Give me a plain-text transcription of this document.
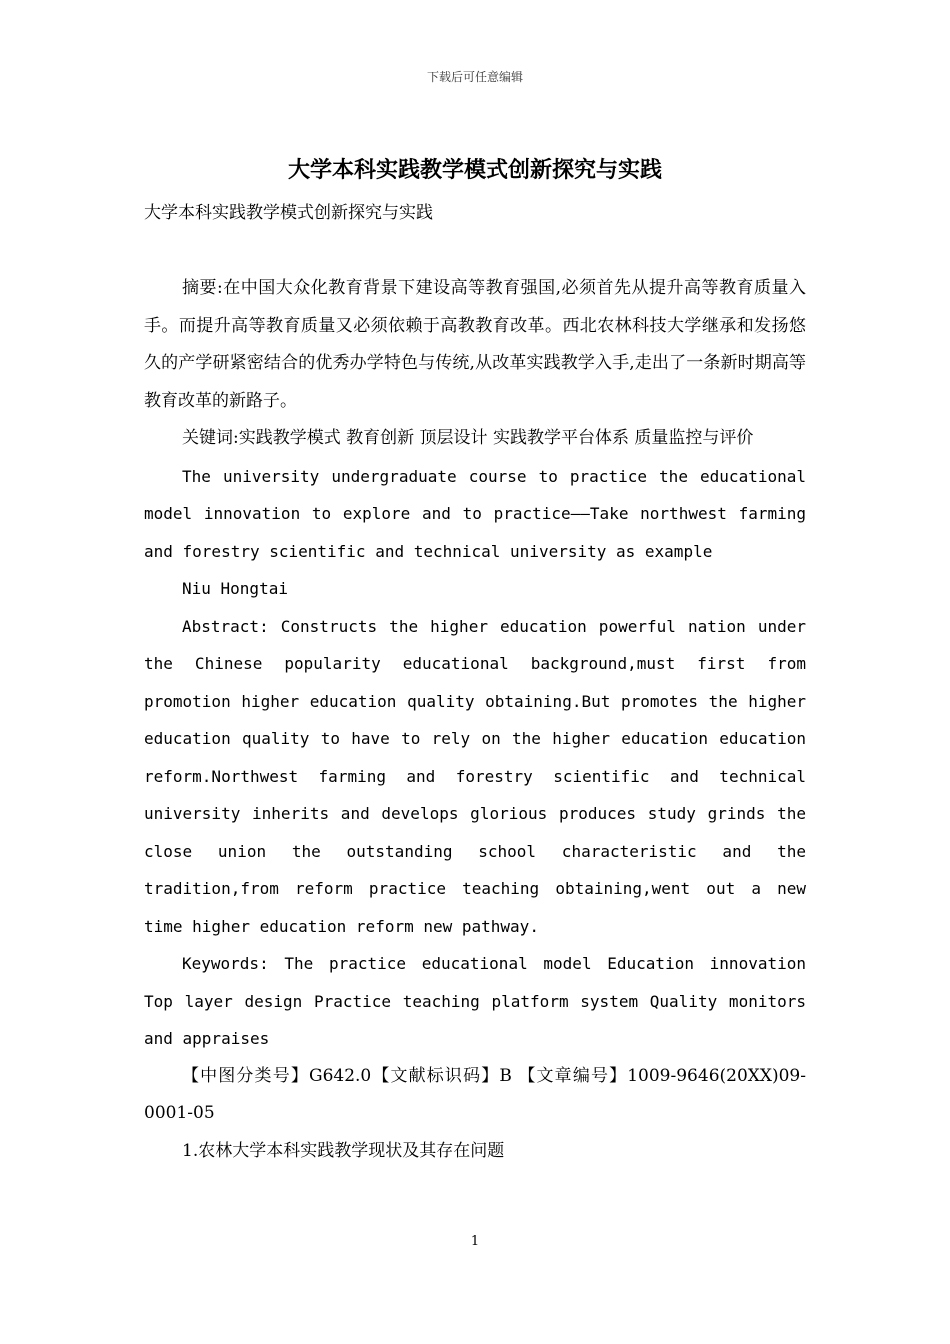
下载后可任意编辑
大学本科实践教学模式创新探究与实践

大学本科实践教学模式创新探究与实践

摘要:在中国大众化教育背景下建设高等教育强国,必须首先从提升高等教育质量入手。而提升高等教育质量又必须依赖于高教教育改革。西北农林科技大学继承和发扬悠久的产学研紧密结合的优秀办学特色与传统,从改革实践教学入手,走出了一条新时期高等教育改革的新路子。

关键词:实践教学模式 教育创新 顶层设计 实践教学平台体系 质量监控与评价

The university undergraduate course to practice the educational model innovation to explore and to practice——Take northwest farming and forestry scientific and technical university as example

Niu Hongtai

Abstract: Constructs the higher education powerful nation under the Chinese popularity educational background,must first from promotion higher education quality obtaining.But promotes the higher education quality to have to rely on the higher education education reform.Northwest farming and forestry scientific and technical university inherits and develops glorious produces study grinds the close union the outstanding school characteristic and the tradition,from reform practice teaching obtaining,went out a new time higher education reform new pathway.

Keywords: The practice educational model Education innovation Top layer design Practice teaching platform system Quality monitors and appraises

【中图分类号】G642.0【文献标识码】B 【文章编号】1009-9646(20XX)09-0001-05

1.农林大学本科实践教学现状及其存在问题

1
